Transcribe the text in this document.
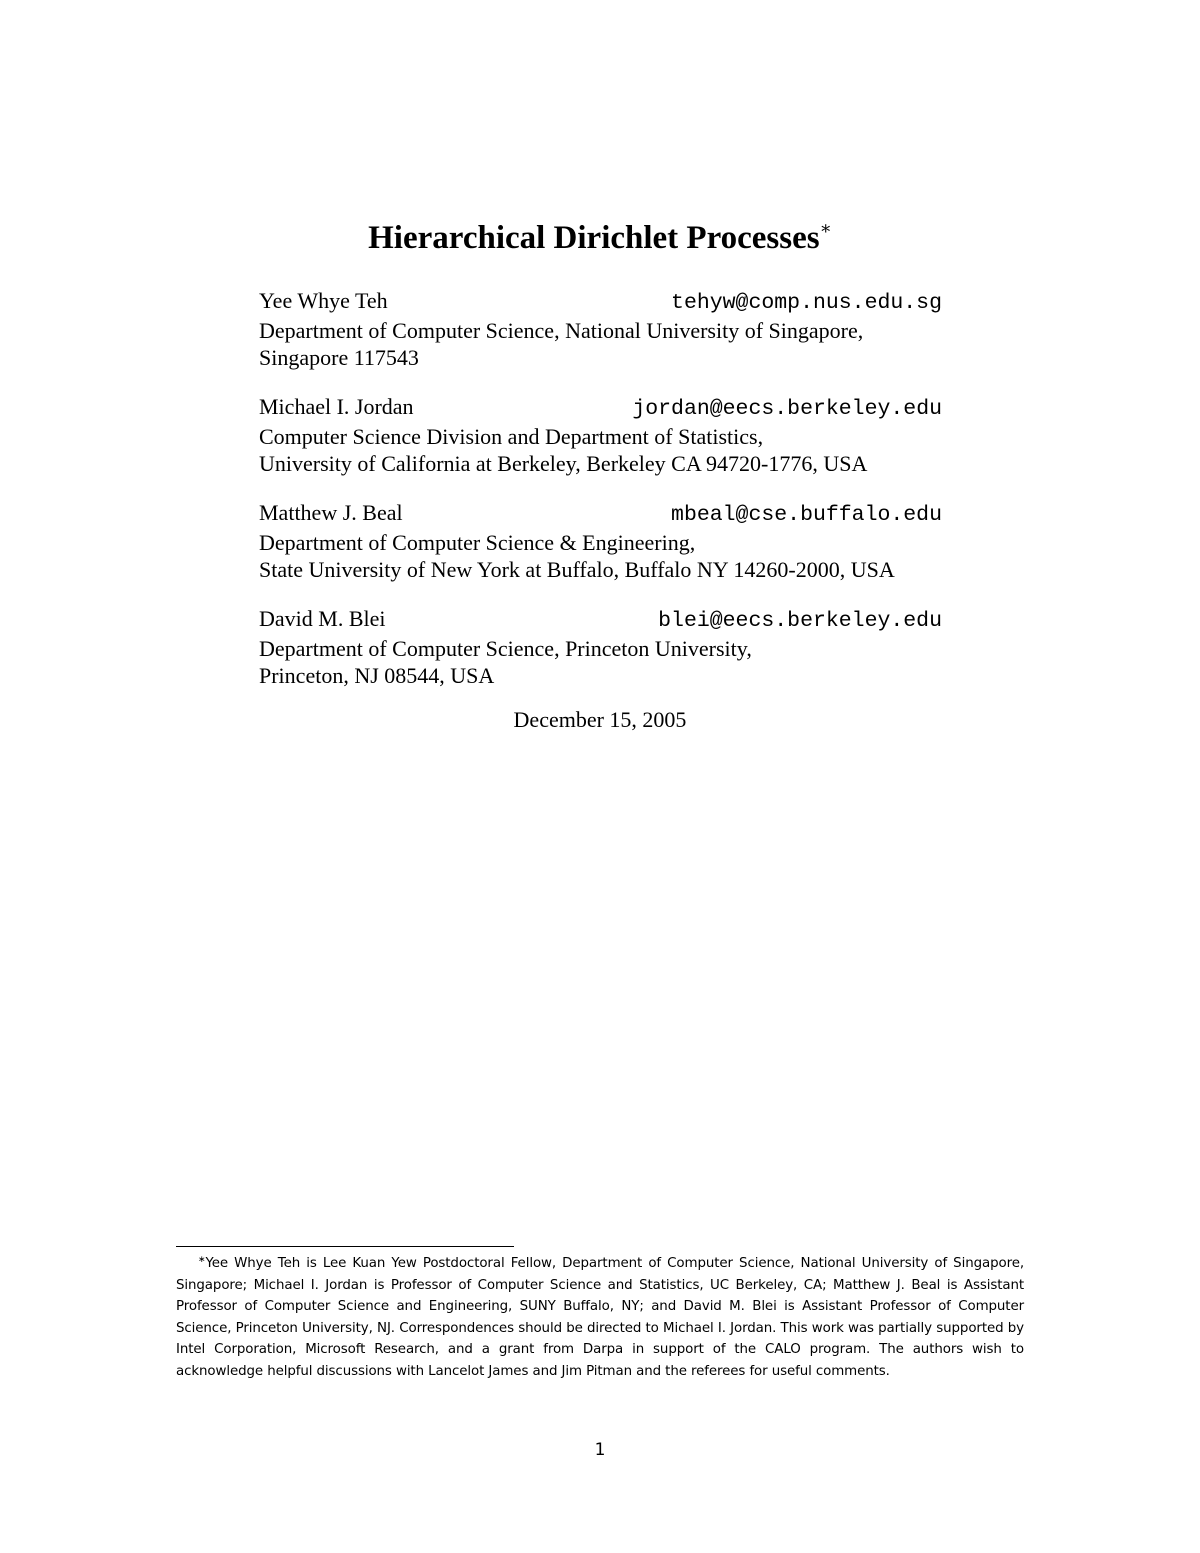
Hierarchical Dirichlet Processes∗
Yee Whye Teh	tehyw@comp.nus.edu.sg
Department of Computer Science, National University of Singapore,
Singapore 117543
Michael I. Jordan	jordan@eecs.berkeley.edu
Computer Science Division and Department of Statistics,
University of California at Berkeley, Berkeley CA 94720-1776, USA
Matthew J. Beal	mbeal@cse.buffalo.edu
Department of Computer Science & Engineering,
State University of New York at Buffalo, Buffalo NY 14260-2000, USA
David M. Blei	blei@eecs.berkeley.edu
Department of Computer Science, Princeton University,
Princeton, NJ 08544, USA
December 15, 2005
∗Yee Whye Teh is Lee Kuan Yew Postdoctoral Fellow, Department of Computer Science, National University of Singapore, Singapore; Michael I. Jordan is Professor of Computer Science and Statistics, UC Berkeley, CA; Matthew J. Beal is Assistant Professor of Computer Science and Engineering, SUNY Buffalo, NY; and David M. Blei is Assistant Professor of Computer Science, Princeton University, NJ. Correspondences should be directed to Michael I. Jordan. This work was partially supported by Intel Corporation, Microsoft Research, and a grant from Darpa in support of the CALO program. The authors wish to acknowledge helpful discussions with Lancelot James and Jim Pitman and the referees for useful comments.
1
